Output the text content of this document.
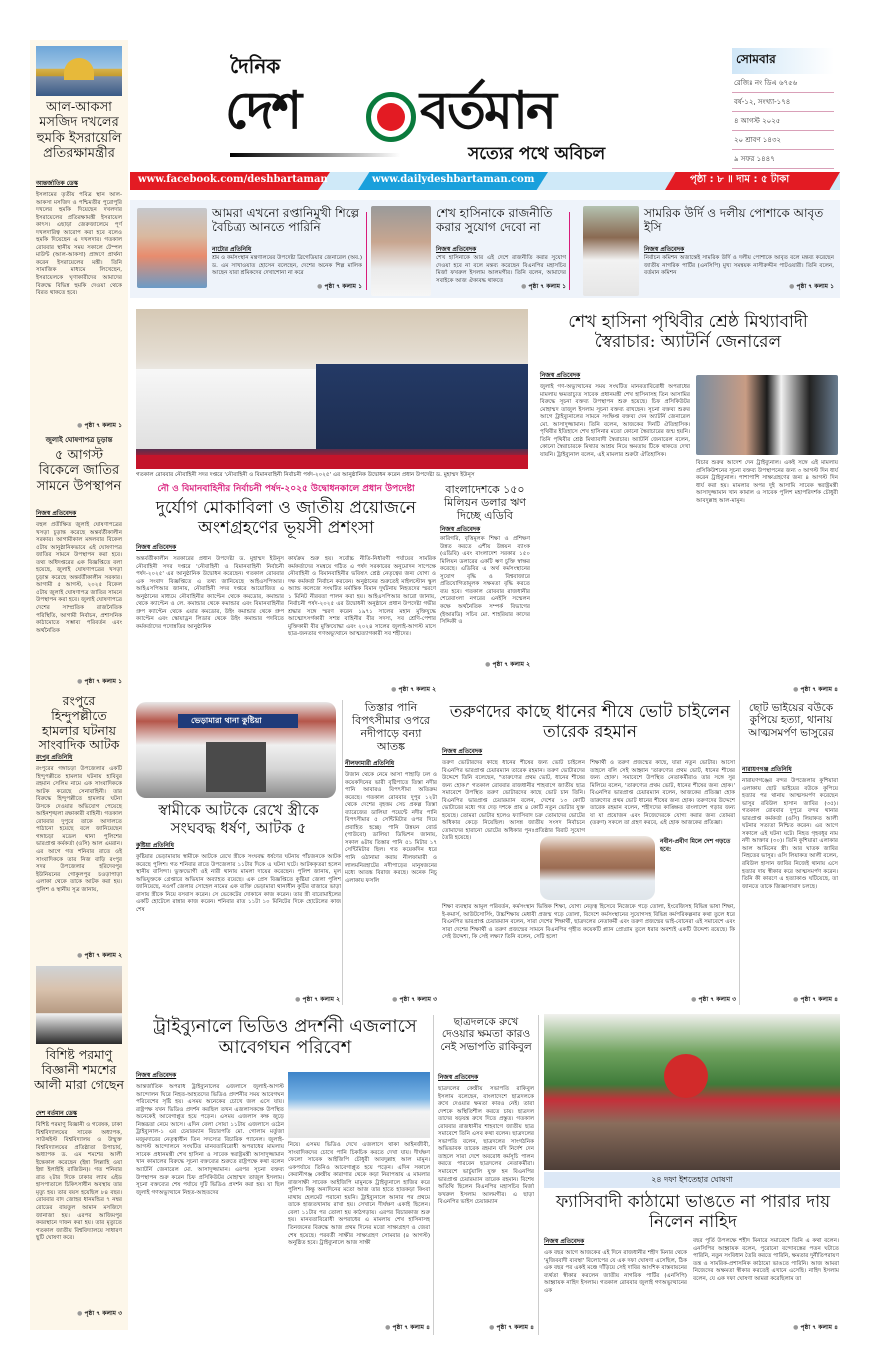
আল-আকসা মসজিদ দখলের হুমকি ইসরায়েলি প্রতিরক্ষামন্ত্রীর
আন্তর্জাতিক ডেস্ক
ইসলামের তৃতীয় পবিত্র স্থান আল-আকসা মসজিদ ও পশ্চিমতীর পুরোপুরি দখলের হুমকি দিয়েছেন দখলদার ইসরায়েলের প্রতিরক্ষামন্ত্রী ইসরায়েল কাৎস। এছাড়া জেরুজালেমে পূর্ণ দখলদারিত্ব আরোপ করা হবে বলেও হুমকি দিয়েছেন এ দখলদার। গতকাল রোববার স্থানীয় সময় সকালে টেম্পল মাউন্ট (আল-আকসা) প্রাঙ্গণে প্রার্থনা করেন ইসরায়েলের মন্ত্রী। তিনি সামাজিক মাধ্যমে লিখেছেন, ইসরায়েলকে ঘৃণাকারীদের আমাদের বিরুদ্ধে বিভিন্ন হুমকি দেওয়া থেকে বিরত থাকতে হবে।
● পৃষ্ঠা ৭ কলাম ১
জুলাই ঘোষণাপত্র চূড়ান্ত
৫ আগস্ট বিকেলে জাতির সামনে উপস্থাপন
নিজস্ব প্রতিবেদক
বহুল প্রতীক্ষিত জুলাই ঘোষণাপত্রের খসড়া চূড়ান্ত করেছে অন্তর্বর্তীকালীন সরকার। আগামীকাল মঙ্গলবার বিকেল ৫টায় আনুষ্ঠানিকভাবে এই ঘোষণাপত্র জাতির সামনে উপস্থাপন করা হবে। তথ্য অধিদপ্তরের এক বিজ্ঞপ্তিতে বলা হয়েছে, জুলাই ঘোষণাপত্রের খসড়া চূড়ান্ত করেছে অন্তর্বর্তীকালীন সরকার। আগামী ৫ আগস্ট, ২০২৫ বিকেল ৫টায় জুলাই ঘোষণাপত্র জাতির সামনে উপস্থাপন করা হবে। জুলাই ঘোষণাপত্রে দেশের সাম্প্রতিক রাজনৈতিক পরিস্থিতি, আগামী নির্বাচন, প্রশাসনিক কাঠামোতে সম্ভাব্য পরিবর্তন এবং অর্থনৈতিক
● পৃষ্ঠা ৭ কলাম ১
রংপুরে হিন্দুপল্লীতে হামলার ঘটনায় সাংবাদিক আটক
রংপুর প্রতিনিধি
রংপুরের গঙ্গাচড়া উপজেলার একটি হিন্দুপল্লীতে হামলার ঘটনায় হাবিবুর রহমান সেলিম নামে এক সাংবাদিককে আটক করেছে সেনাবাহিনী। তার বিরুদ্ধে হিন্দুপল্লীতে হামলার ঘটনা উসকে দেওয়ার অভিযোগ পেয়েছে আইনশৃঙ্খলা রক্ষাকারী বাহিনী। গতকাল রোববার দুপুরে তাকে আদালতে পাঠানো হয়েছে বলে জানিয়েছেন গঙ্গাচড়া মডেল থানা পুলিশের ভারপ্রাপ্ত কর্মকর্তা (ওসি) আল এমরান। এর আগে গত শনিবার রাতে ওই সাংবাদিককে তার নিজ বাড়ি রংপুর সদর উপজেলার হরিদেবপুর ইউনিয়নের গোকুলপুর চওড়াপাড়া এলাকা থেকে তাকে আটক করা হয়। পুলিশ ও স্থানীয় সূত্র জানায়,
● পৃষ্ঠা ৭ কলাম ২
বিশিষ্ট পরমাণু বিজ্ঞানী শমশের আলী মারা গেছেন
দেশ বর্তমান ডেস্ক
বিশিষ্ট পরমাণু বিজ্ঞানী ও গবেষক, ঢাকা বিশ্ববিদ্যালয়ের সাবেক অধ্যাপক, সাউথইস্ট বিশ্ববিদ্যালয় ও উন্মুক্ত বিশ্ববিদ্যালয়ের প্রতিষ্ঠাতা উপাচার্য, অধ্যাপক ড. এম শমশের আলী ইন্তেকাল করেছেন (ইন্না লিল্লাহি ওয়া ইন্না ইলাইহি রাজিউন)। গত শনিবার রাত ২টার দিকে ঢাকার ল্যাব এইড হাসপাতালে চিকিৎসাধীন অবস্থায় তার মৃত্যু হয়। তার বয়স হয়েছিল ৮৪ বছর। রোববার বাদ জোহর ধানমন্ডির ৭ নম্বর রোডের বায়তুল আমান মসজিদে জানাজা হয়। এরপর আজিমপুর কবরস্থানে দাফন করা হয়। তার মৃত্যুতে গতকাল জাতীয় বিশ্ববিদ্যালয়ে সাধারণ ছুটি ঘোষণা করে।
● পৃষ্ঠা ৭ কলাম ৩
দৈনিক
দেশ বর্তমান
সত্যের পথে অবিচল
সোমবার
রেজিঃ নং ডিএ ৬৭৫৬
বর্ষ-১২, সংখ্যা-১৭৪
৪ আগস্ট ২০২৫
২০ শ্রাবণ ১৪৩২
৯ সফর ১৪৪৭
www.facebook.com/deshbartaman	www.dailydeshbartaman.com	পৃষ্ঠা : ৮ ॥ দাম : ৫ টাকা
আমরা এখনো রপ্তানিমুখী শিল্পে বৈচিত্র্য আনতে পারিনি
নাটোর প্রতিনিধি
শ্রম ও কর্মসংস্থান মন্ত্রণালয়ের উপদেষ্টা ব্রিগেডিয়ার জেনারেল (অব.) ড. এম সাখাওয়াত হোসেন বলেছেন, দেশের অনেক শিল্প মালিক আছেন যারা শ্রমিকদের দেখাশোনা না করে
● পৃষ্ঠা ৭ কলাম ১
শেখ হাসিনাকে রাজনীতি করার সুযোগ দেবো না
নিজস্ব প্রতিবেদক
শেখ হাসিনাকে আর এই দেশে রাজনীতি করার সুযোগ দেওয়া হবে না বলে মন্তব্য করেছেন বিএনপির মহাসচিব মির্জা ফখরুল ইসলাম আলমগীর। তিনি বলেন, আমাদের সবাইকে আজ ঐক্যবদ্ধ থাকতে
● পৃষ্ঠা ৭ কলাম ১
সামরিক উর্দি ও দলীয় পোশাকে আবৃত ইসি
নিজস্ব প্রতিবেদক
নির্বাচন কমিশন অজান্তেই সামরিক উর্দি ও দলীয় পোশাকে আবৃত বলে মন্তব্য করেছেন জাতীয় নাগরিক পার্টির (এনসিপি) মুখ্য সমন্বয়ক নাসীরুদ্দীন পাটওয়ারী। তিনি বলেন, বর্তমান কমিশন
● পৃষ্ঠা ৭ কলাম ১
গতকাল রোববার নৌবাহিনী সদর দপ্তরে 'নৌবাহিনী ও বিমানবাহিনী নির্বাচনী পর্ষদ-২০২৫' এর আনুষ্ঠানিক উদ্বোধন করেন প্রধান উপদেষ্টা ড. মুহাম্মদ ইউনূস
নৌ ও বিমানবাহিনীর নির্বাচনী পর্ষদ-২০২৫ উদ্বোধনকালে প্রধান উপদেষ্টা
দুর্যোগ মোকাবিলা ও জাতীয় প্রয়োজনে অংশগ্রহণের ভূয়সী প্রশংসা
নিজস্ব প্রতিবেদক
অন্তর্বর্তীকালীন সরকারের প্রধান উপদেষ্টা ড. মুহাম্মদ ইউনূস নৌবাহিনী সদর দপ্তরে 'নৌবাহিনী ও বিমানবাহিনী নির্বাচনী পর্ষদ-২০২৫' এর আনুষ্ঠানিক উদ্বোধন করেছেন। গতকাল রোববার এক সংবাদ বিজ্ঞপ্তিতে এ তথ্য জানিয়েছে আইএসপিআর। আইএসপিআর জানায়, নৌবাহিনী সদর দপ্তরে আয়োজিত এ অনুষ্ঠানের মাধ্যমে নৌবাহিনীর ক্যাপ্টেন থেকে কমডোর, কমান্ডার থেকে ক্যাপ্টেন ও লে. কমান্ডার থেকে কমান্ডার এবং বিমানবাহিনীর গ্রুপ ক্যাপ্টেন থেকে এয়ার কমডোর, উইং কমান্ডার থেকে গ্রুপ ক্যাপ্টেন এবং স্কোয়াড্রন লিডার থেকে উইং কমান্ডার পদবিতে কর্মকর্তাদের পদোন্নতির আনুষ্ঠানিক
কার্যক্রম শুরু হয়। সর্বোচ্চ নীতি-নির্ধারণী পর্যায়ের সামরিক কর্মকর্তাদের সমন্বয়ে গঠিত এ পর্ষদ সরকারের অনুমোদন সাপেক্ষে নৌবাহিনী ও বিমানবাহিনীর ভবিষ্যৎ শ্রেষ্ঠ নেতৃত্বের জন্য যোগ্য ও দক্ষ কর্মকর্তা নির্বাচন করবেন। অনুষ্ঠানের শুরুতেই মাইলস্টোন স্কুল অ্যান্ড কলেজে সংঘটিত মর্মান্তিক বিমান দুর্ঘটনায় নিহতদের স্মরণে ১ মিনিট নীরবতা পালন করা হয়। আইএসপিআর আরো জানায়, নির্বাচনী পর্ষদ-২০২৫ এর উদ্বোধনী অনুষ্ঠানে প্রধান উপদেষ্টা গভীর শ্রদ্ধার সঙ্গে স্মরণ করেন ১৯৭১ সালের মহান মুক্তিযুদ্ধে আত্মোৎসর্গকারী সশস্ত্র বাহিনীর বীর সদস্য, সব শ্রেণি-পেশার মুক্তিকামী বীর মুক্তিযোদ্ধা এবং ২০২৪ সালের জুলাই-আগস্ট মাসে ছাত্র-জনতার গণঅভ্যুত্থানে আত্মত্যাগকারী সব শহীদের।
● পৃষ্ঠা ৭ কলাম ২
বাংলাদেশকে ১৫০ মিলিয়ন ডলার ঋণ দিচ্ছে এডিবি
নিজস্ব প্রতিবেদক
কারিগরি, বৃত্তিমূলক শিক্ষা ও প্রশিক্ষণ উন্নত করতে এশীয় উন্নয়ন ব্যাংক (এডিবি) এবং বাংলাদেশ সরকার ১৫০ মিলিয়ন ডলারের একটি ঋণ চুক্তি স্বাক্ষর করেছে। এডিবির এ অর্থ কর্মসংস্থানের সুযোগ বৃদ্ধি ও বিশ্ববাজারে প্রতিযোগিতামূলক সক্ষমতা বৃদ্ধি করতে ব্যয় হবে। গতকাল রোববার রাজধানীর শেরেবাংলা নগরের এনইসি সম্মেলন কক্ষে অর্থনৈতিক সম্পর্ক বিভাগের (ইআরডি) সচিব মো. শাহরিয়ার কাদের সিদ্দিকী ও
● পৃষ্ঠা ৭ কলাম ২
শেখ হাসিনা পৃথিবীর শ্রেষ্ঠ মিথ্যাবাদী স্বৈরাচার: অ্যাটর্নি জেনারেল
নিজস্ব প্রতিবেদক
জুলাই গণ-অভ্যুত্থানের সময় সংঘটিত মানবতাবিরোধী অপরাধের মামলায় ক্ষমতাচ্যুত সাবেক প্রধানমন্ত্রী শেখ হাসিনাসহ তিন আসামির বিরুদ্ধে সূচনা বক্তব্য উপস্থাপন শুরু হয়েছে। চিফ প্রসিকিউটর মোহাম্মদ তাজুল ইসলাম সূচনা বক্তব্য রাখছেন। সূচনা বক্তব্য শুরুর আগে ট্রাইব্যুনালের সামনে সংক্ষিপ্ত বক্তব্য দেন অ্যাটর্নি জেনারেল মো. আসাদুজ্জামান। তিনি বলেন, আজকের দিনটি ঐতিহাসিক। পৃথিবীর ইতিহাসে শেখ হাসিনার মতো কোনো স্বৈরাচারের জন্ম হয়নি। তিনি পৃথিবীর শ্রেষ্ঠ মিথ্যাবাদী স্বৈরাচার। অ্যাটর্নি জেনারেল বলেন, কোনো স্বৈরাচারকে মিথ্যার আশ্রয় নিয়ে ক্ষমতায় টিকে থাকতে দেখা যায়নি। ট্রাইব্যুনাল বলেন, এই মামলার শুরুটা ঐতিহাসিক।
বিচার শুরুর আদেশ দেন ট্রাইব্যুনাল। একই সঙ্গে এই মামলায় প্রসিকিউশনের সূচনা বক্তব্য উপস্থাপনের জন্য ৩ আগস্ট দিন ধার্য করেন ট্রাইব্যুনাল। পাশাপাশি সাক্ষ্যগ্রহণের জন্য ৪ আগস্ট দিন ধার্য করা হয়। মামলার অপর দুই আসামি সাবেক স্বরাষ্ট্রমন্ত্রী আসাদুজ্জামান খান কামাল ও সাবেক পুলিশ মহাপরিদর্শক চৌধুরী আবদুল্লাহ আল-মামুন।
● পৃষ্ঠা ৭ কলাম ৪
ভেড়ামারা থানা কুষ্টিয়া
স্বামীকে আটকে রেখে স্ত্রীকে সংঘবদ্ধ ধর্ষণ, আটক ৫
কুষ্টিয়া প্রতিনিধি
কুষ্টিয়ার ভেড়ামারায় স্বামীকে আটকে রেখে স্ত্রীকে সংঘবদ্ধ ধর্ষণের ঘটনায় পাঁচজনকে আটক করেছে পুলিশ। গত শনিবার রাতে উপজেলার ১১টার দিকে এ ঘটনা ঘটে। আটককৃতরা হলেন স্থানীয় বাসিন্দা। ভুক্তভোগী ওই নারী থানায় মামলা দায়ের করেছেন। পুলিশ জানায়, মূল অভিযুক্তকে গ্রেপ্তারে অভিযান অব্যাহত রয়েছে। এক প্রেস বিজ্ঞপ্তিতে কুষ্টিয়া জেলা পুলিশ জানিয়েছে, নওগাঁ জেলার সোহেল নামের এক ব্যক্তি ভেড়ামারা থানাধীন কুটির বাজারে ভাড়া বাসায় স্ত্রীকে নিয়ে বসবাস করেন। সে ভেকেটের দোকানে কাজ করেন। তার স্ত্রী বারোমাইলের একটি হোটেলে রান্নার কাজ করেন। শনিবার রাত ১১টা ১০ মিনিটের দিকে হোটেলের কাজ শেষ
● পৃষ্ঠা ৭ কলাম ২
তিস্তার পানি বিপৎসীমার ওপরে নদীপাড়ে বন্যা আতঙ্ক
নীলফামারী প্রতিনিধি
উজান থেকে নেমে আসা পাহাড়ি ঢল ও কয়েকদিনের ভারী বৃষ্টিপাতে তিস্তা নদীর পানি আবারও বিপৎসীমা অতিক্রম করেছে। গতকাল রোববার দুপুর ১২টা থেকে দেশের বৃহত্তম সেচ প্রকল্প তিস্তা ব্যারেজের ডালিয়া পয়েন্টে নদীর পানি বিপৎসীমার ৫ সেন্টিমিটার ওপর দিয়ে প্রবাহিত হচ্ছে। পানি উন্নয়ন বোর্ড (পাউবো) ডালিয়া ডিভিশন জানায়, সকাল ৬টায় তিস্তার পানি ৫১ মিটার ১৭ সেন্টিমিটার ছিল। গত কয়েকদিন ধরে পানি ওঠানামা করায় নীলফামারী ও লালমনিরহাটের নদীপাড়ের মানুষজনের মধ্যে আতঙ্ক বিরাজ করছে। অনেক নিচু এলাকায় ফসলি
● পৃষ্ঠা ৭ কলাম ৩
তরুণদের কাছে ধানের শীষে ভোট চাইলেন তারেক রহমান
নিজস্ব প্রতিবেদক
তরুণ ভোটারদের কাছে ধানের শীষের জন্য ভোট চাইলেন বিএনপির ভারপ্রাপ্ত চেয়ারম্যান তারেক রহমান। তরুণ ভোটারদের উদ্দেশে তিনি বলেছেন, "তারুণ্যের প্রথম ভোট, ধানের শীষের জন্য হোক।" গতকাল রোববার রাজধানীর শাহবাগে জাতীয় ছাত্র সমাবেশে উপস্থিত তরুণ ভোটারদের কাছে ভোট চান তিনি। বিএনপির ভারপ্রাপ্ত চেয়ারম্যান বলেন, দেশের ১৩ কোটি ভোটারের মধ্যে গত দেড় দশকে প্রায় ৪ কোটি নতুন ভোটার যুক্ত হয়েছে। তোমরা ভোটার হলেও ফ্যাসিবাদ চক্র তোমাদের ভোটের অধিকার কেড়ে নিয়েছিল। আসন্ন জাতীয় সংসদ নির্বাচনে তোমাদের হারানো ভোটের অধিকার পুনঃপ্রতিষ্ঠার বিরাট সুযোগ তৈরি হয়েছে।
শিক্ষার্থী ও তরুণ প্রজন্মের কাছে, যারা নতুন ভোটার। আসো তাহলে বলি সেই আহ্বান 'তারুণ্যের প্রথম ভোট, ধানের শীষের জন্য হোক'। সমাবেশে উপস্থিত নেতাকর্মীরাও তার সঙ্গে সুর মিলিয়ে বলেন, 'তারুণ্যের প্রথম ভোট, ধানের শীষের জন্য হোক।' বিএনপির ভারপ্রাপ্ত চেয়ারম্যান বলেন, আজকের প্রতিজ্ঞা হোক তারুণ্যের প্রথম ভোট ধানের শীষের জন্য হোক। তরুণদের উদ্দেশে তারেক রহমান বলেন, শহীদদের কাঙ্ক্ষিত বাংলাদেশ গড়ার জন্য যা যা প্রয়োজন এবং নিজেদেরকে যোগ্য করার জন্য তোমরা (তরুণ) সকলে তা গ্রহণ করবে, এই হোক আজকের প্রতিজ্ঞা।
নবীন-প্রবীণ মিলে দেশ গড়তে হবে:
শিক্ষা ব্যবস্থার আমূল পরিবর্তন, কর্মসংস্থান ভিত্তিক শিক্ষা, যোগ্য নেতৃত্ব হিসেবে নিজেকে গড়ে তোলা, ইংরেজিসহ বিভিন্ন ভাষা শিক্ষা, ই-কমার্স, আউটসোর্সিং, উচ্চশিক্ষায় মেধাবী প্রজন্ম গড়ে তোলা, বিদেশে কর্মসংস্থানের সুযোগসহ বিভিন্ন কর্মপরিকল্পনার কথা তুলে ধরে বিএনপির ভারপ্রাপ্ত চেয়ারম্যান বলেন, সারা দেশের শিক্ষার্থী, ছাত্রদলের নেতাকর্মী এবং তরুণ প্রজন্মের ভাই-বোনেরা এই সমাবেশে এবং সারা দেশের শিক্ষার্থী ও তরুণ প্রজন্মের সামনে বিএনপির গৃহীত কয়েকটি প্ল্যান প্রোগ্রাম তুলে ধরার অবশ্যই একটি উদ্দেশ্য রয়েছে। কি সেই উদ্দেশ্য, কি সেই লক্ষ্য? তিনি বলেন, সেটি হলো
● পৃষ্ঠা ৭ কলাম ৩
ছোট ভাইয়ের বউকে কুপিয়ে হত্যা, থানায় আত্মসমর্পণ ভাসুরের
নারায়ণগঞ্জ প্রতিনিধি
নারায়ণগঞ্জের বন্দর উপজেলার কুশিয়ারা এলাকায় ছোট ভাইয়ের বউকে কুপিয়ে হত্যার পর থানায় আত্মসমর্পণ করেছেন ভাসুর রবিউল হাসান জাবির (৩৫)। গতকাল রোববার দুপুরে বন্দর থানার ভারপ্রাপ্ত কর্মকর্তা (ওসি) লিয়াকত আলী ঘটনার সত্যতা নিশ্চিত করেন। এর আগে সকালে এই ঘটনা ঘটে। নিহত গৃহবধূর নাম নদী আক্তার (৩০)। তিনি কুশিয়ারা এলাকার আল আমিনের স্ত্রী। আর ঘাতক জাবির নিহতের ভাসুর। ওসি লিয়াকত আলী বলেন, রবিউল হাসান জাবির নিজেই থানায় এসে হত্যার দায় স্বীকার করে আত্মসমর্পণ করেন। তিনি কী কারণে এ হত্যাকাণ্ড ঘটিয়েছে, তা জানতে তাকে জিজ্ঞাসাবাদ চলছে।
● পৃষ্ঠা ৭ কলাম ৪
ট্রাইব্যুনালে ভিডিও প্রদর্শনী এজলাসে আবেগঘন পরিবেশ
নিজস্ব প্রতিবেদক
আন্তর্জাতিক অপরাধ ট্রাইব্যুনালের এজলাসে জুলাই-আগস্ট আন্দোলন ঘিরে নিহত-আহতদের ভিডিও প্রদর্শনীর সময় আবেগঘন পরিবেশের সৃষ্টি হয়। এসময় অনেকের চোখে জল এসে যায়। রাষ্ট্রপক্ষ যখন ভিডিও প্রদর্শন করছিল তখন এজলাসকক্ষে উপস্থিত অনেকেই আবেগাপ্লুত হয়ে পড়েন। এসময় এজলাস কক্ষ জুড়ে নিস্তব্ধতা নেমে আসে। এদিন বেলা সোয়া ১১টায় এজলাসে ওঠেন ট্রাইব্যুনাল-১ এর চেয়ারম্যান বিচারপতি মো. গোলাম মর্তুজা মজুমদারের নেতৃত্বাধীন তিন সদস্যের বিচারিক প্যানেল। জুলাই-আগস্ট আন্দোলনে সংঘটিত মানবতাবিরোধী অপরাধের মামলায় সাবেক প্রধানমন্ত্রী শেখ হাসিনা ও সাবেক স্বরাষ্ট্রমন্ত্রী আসাদুজ্জামান খান কামালের বিরুদ্ধে সূচনা বক্তব্যের শুরুতে রাষ্ট্রপক্ষে কথা বলেন অ্যাটর্নি জেনারেল মো. আসাদুজ্জামান। এরপর সূচনা বক্তব্য উপস্থাপন শুরু করেন চিফ প্রসিকিউটর মোহাম্মদ তাজুল ইসলাম। সূচনা বক্তব্যের শেষ পর্যায়ে দুটি ভিডিও প্রদর্শন করা হয়। যা ছিল জুলাই গণঅভ্যুত্থানে নিহত-আহতদের
নিয়ে। এসময় ভিডিও দেখে এজলাসে থাকা আইনজীবী, সাংবাদিকদের চোখে পানি চিকচিক করতে দেখা যায়। দীর্ঘক্ষণ ফেলো সাবেক আইজিপি চৌধুরী আবদুল্লাহ আল মামুন। একপর্যায়ে তিনিও আবেগাপ্লুত হয়ে পড়েন। এদিন সকালে কেরানীগঞ্জ কেন্দ্রীয় কারাগার থেকে কড়া নিরাপত্তায় এ মামলার রাজসাক্ষী সাবেক আইজিপি মামুনকে ট্রাইব্যুনালে হাজির করে পুলিশ। কিন্তু অন্যদিনের মতো আজ তার হাতে হাতকড়া কিংবা মাথায় হেলমেট পরানো হয়নি। ট্রাইব্যুনালে আনার পর প্রথমে তাকে হাজতখানায় রাখা হয়। সেখানে দীর্ঘক্ষণ একাই ছিলেন। বেলা ১১টার পর তোলা হয় কাঠগড়ায়। এরপর বিচারকাজ শুরু হয়। মানবতাবিরোধী অপরাধের এ মামলায় শেখ হাসিনাসহ তিনজনের বিরুদ্ধে আজ প্রথম দিনের মতো সাক্ষ্যগ্রহণ ও জেরা শেষ হয়েছে। পরবর্তী সাক্ষীর সাক্ষ্যগ্রহণ সোমবার (৪ আগস্ট) অনুষ্ঠিত হবে। ট্রাইব্যুনালে আজ সাক্ষী
● পৃষ্ঠা ৭ কলাম ৪
ছাত্রদলকে রুখে দেওয়ার ক্ষমতা কারও নেই সভাপতি রাকিবুল
নিজস্ব প্রতিবেদক
ছাত্রদলের কেন্দ্রীয় সভাপতি রাকিবুল ইসলাম বলেছেন, বাংলাদেশে ছাত্রদলকে রুখে দেওয়ার ক্ষমতা কারও নেই। তারা দেশকে অস্থিতিশীল করতে চায়। ছাত্রদল তাদের ষড়যন্ত্র রুখে দিতে প্রস্তুত। গতকাল রোববার রাজধানীর শাহবাগে জাতীয় ছাত্র সমাবেশে তিনি এসব কথা বলেন। ছাত্রদলের সভাপতি বলেন, ছাত্রদলের সাংগঠনিক অভিভাবক তারেক রহমান যদি নির্দেশ দেন তাহলে সারা দেশে অবরোধ কর্মসূচি পালন করতে পারবেন ছাত্রদলের নেতাকর্মীরা। সমাবেশে ভার্চুয়ালি যুক্ত হন বিএনপির ভারপ্রাপ্ত চেয়ারম্যান তারেক রহমান। বিশেষ অতিথি ছিলেন বিএনপির মহাসচিব মির্জা ফখরুল ইসলাম আলমগীর। এ ছাড়া বিএনপির ভাইস চেয়ারম্যান
● পৃষ্ঠা ৭ কলাম ৪
২৪ দফা ইশতেহার ঘোষণা
ফ্যাসিবাদী কাঠামো ভাঙতে না পারার দায় নিলেন নাহিদ
নিজস্ব প্রতিবেদক
এক বছর আগে আজকের এই দিনে রাজধানীর শহীদ মিনার থেকে 'মুজিববাদী ব্যবস্থা' বিলোপের যে এক দফা ঘোষণা এসেছিল, ঠিক এক বছর পর একই মঞ্চে দাঁড়িয়ে সেই দাবির আংশিক বাস্তবায়নের ব্যর্থতা স্বীকার করলেন জাতীয় নাগরিক পার্টির (এনসিপি) আহ্বায়ক নাহিদ ইসলাম। গতকাল রোববার জুলাই গণঅভ্যুত্থানের এক
বছর পূর্তি উপলক্ষে শহীদ মিনারে সমাবেশে তিনি এ কথা বলেন। এনসিপির আহ্বায়ক বলেন, পুরোনো বন্দোবস্তের পতন ঘটাতে পারিনি, নতুন সংবিধান তৈরি করতে পারিনি, ক্ষমতার দুর্নীতিপরায়ণ তন্ত্র ও সামরিক-প্রশাসনিক কাঠামো ভাঙতে পারিনি। আজ আমরা নিজেদের অক্ষমতা স্বীকার করতেই এখানে এসেছি। নাহিদ ইসলাম বলেন, যে এক দফা ঘোষণা আমরা করেছিলাম তা
● পৃষ্ঠা ৭ কলাম ৪
